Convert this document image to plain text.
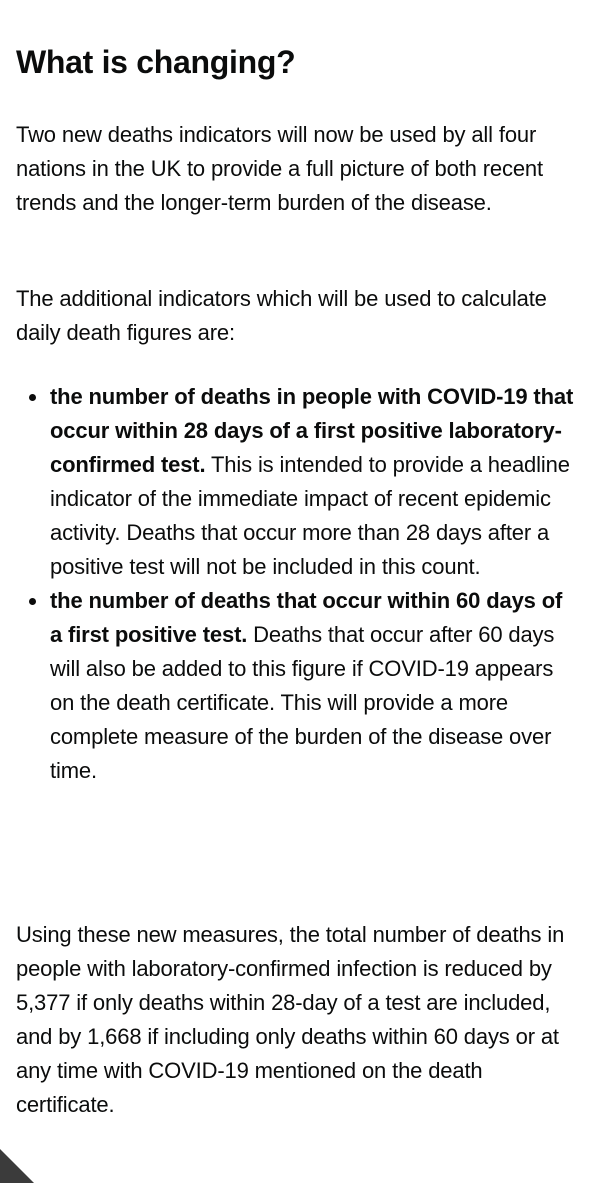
What is changing?

Two new deaths indicators will now be used by all four nations in the UK to provide a full picture of both recent trends and the longer-term burden of the disease.

The additional indicators which will be used to calculate daily death figures are:

the number of deaths in people with COVID-19 that occur within 28 days of a first positive laboratory-confirmed test. This is intended to provide a headline indicator of the immediate impact of recent epidemic activity. Deaths that occur more than 28 days after a positive test will not be included in this count.
the number of deaths that occur within 60 days of a first positive test. Deaths that occur after 60 days will also be added to this figure if COVID-19 appears on the death certificate. This will provide a more complete measure of the burden of the disease over time.

Using these new measures, the total number of deaths in people with laboratory-confirmed infection is reduced by 5,377 if only deaths within 28-day of a test are included, and by 1,668 if including only deaths within 60 days or at any time with COVID-19 mentioned on the death certificate.
